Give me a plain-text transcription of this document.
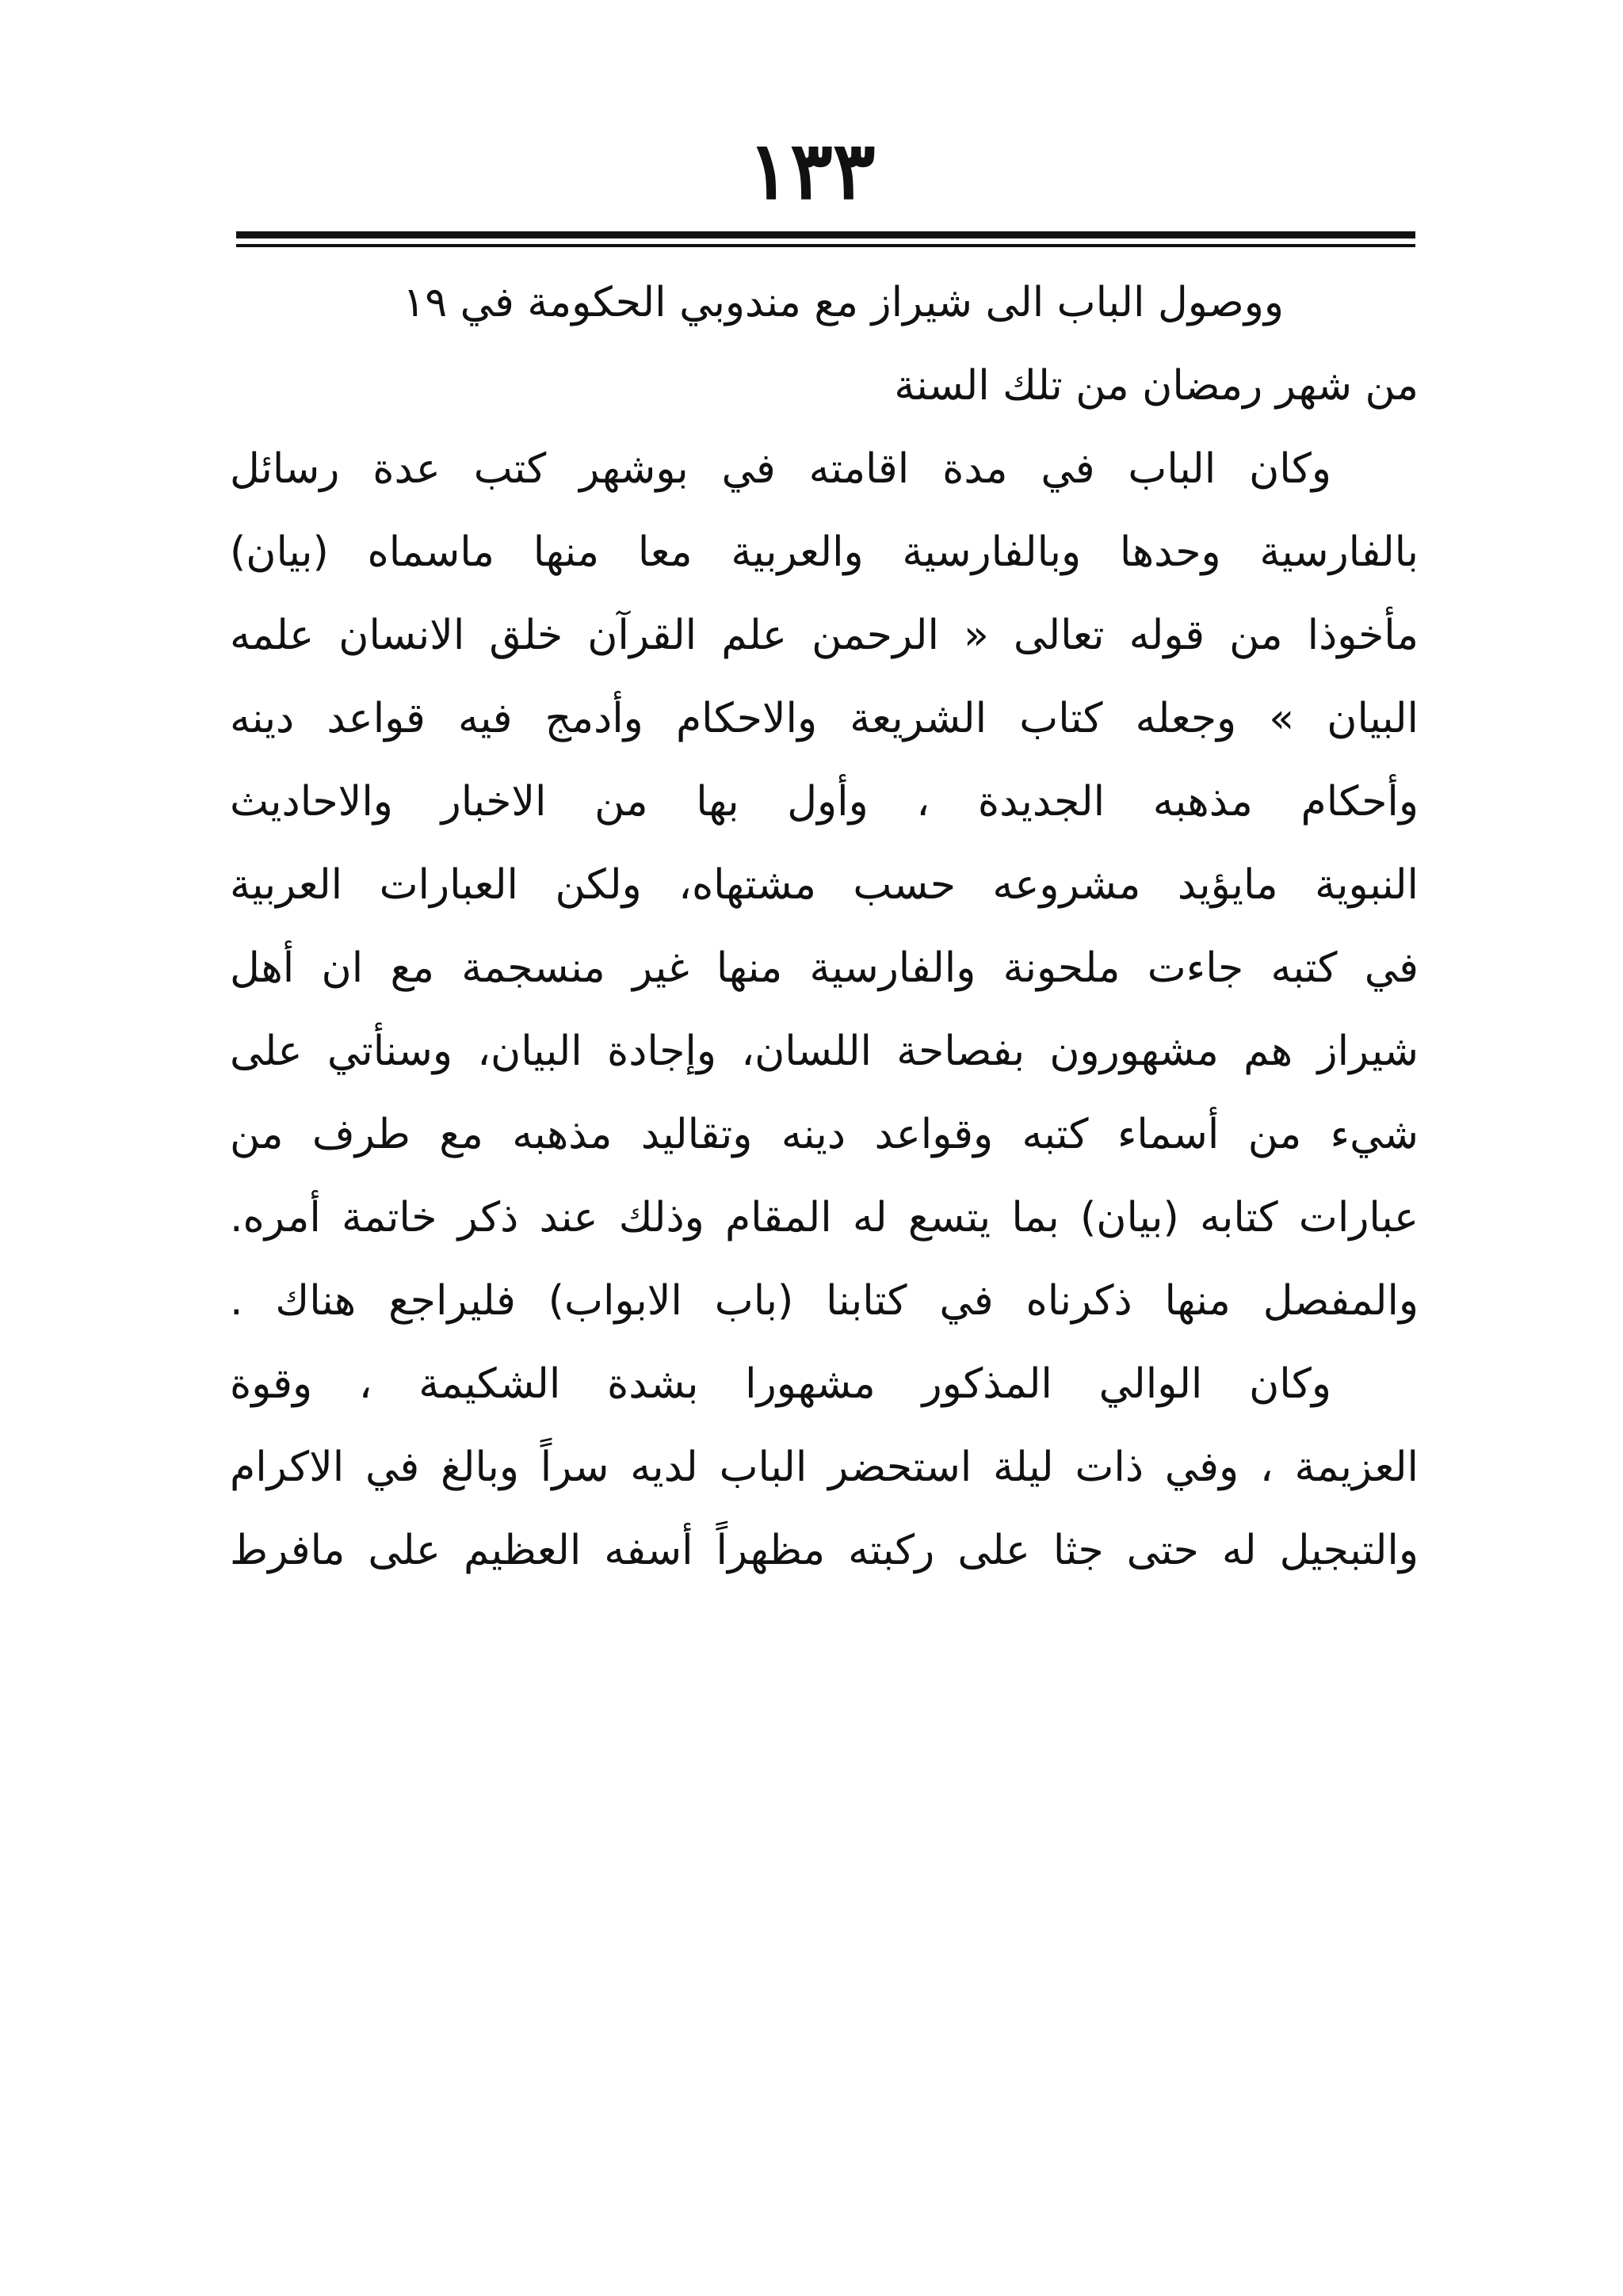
١٣٣
ووصول الباب الى شيراز مع مندوبي الحكومة في ١٩
من شهر رمضان من تلك السنة
وكان الباب في مدة اقامته في بوشهر كتب عدة رسائل
بالفارسية وحدها وبالفارسية والعربية معا منها ماسماه (بيان)
مأخوذا من قوله تعالى « الرحمن علم القرآن خلق الانسان علمه
البيان » وجعله كتاب الشريعة والاحكام وأدمج فيه قواعد دينه
وأحكام مذهبه الجديدة ، وأول بها من الاخبار والاحاديث
النبوية مايؤيد مشروعه حسب مشتهاه، ولكن العبارات العربية
في كتبه جاءت ملحونة والفارسية منها غير منسجمة مع ان أهل
شيراز هم مشهورون بفصاحة اللسان، وإجادة البيان، وسنأتي على
شيء من أسماء كتبه وقواعد دينه وتقاليد مذهبه مع طرف من
عبارات كتابه (بيان) بما يتسع له المقام وذلك عند ذكر خاتمة أمره.
والمفصل منها ذكرناه في كتابنا (باب الابواب) فليراجع هناك .
وكان الوالي المذكور مشهورا بشدة الشكيمة ، وقوة
العزيمة ، وفي ذات ليلة استحضر الباب لديه سراً وبالغ في الاكرام
والتبجيل له حتى جثا على ركبته مظهراً أسفه العظيم على مافرط
